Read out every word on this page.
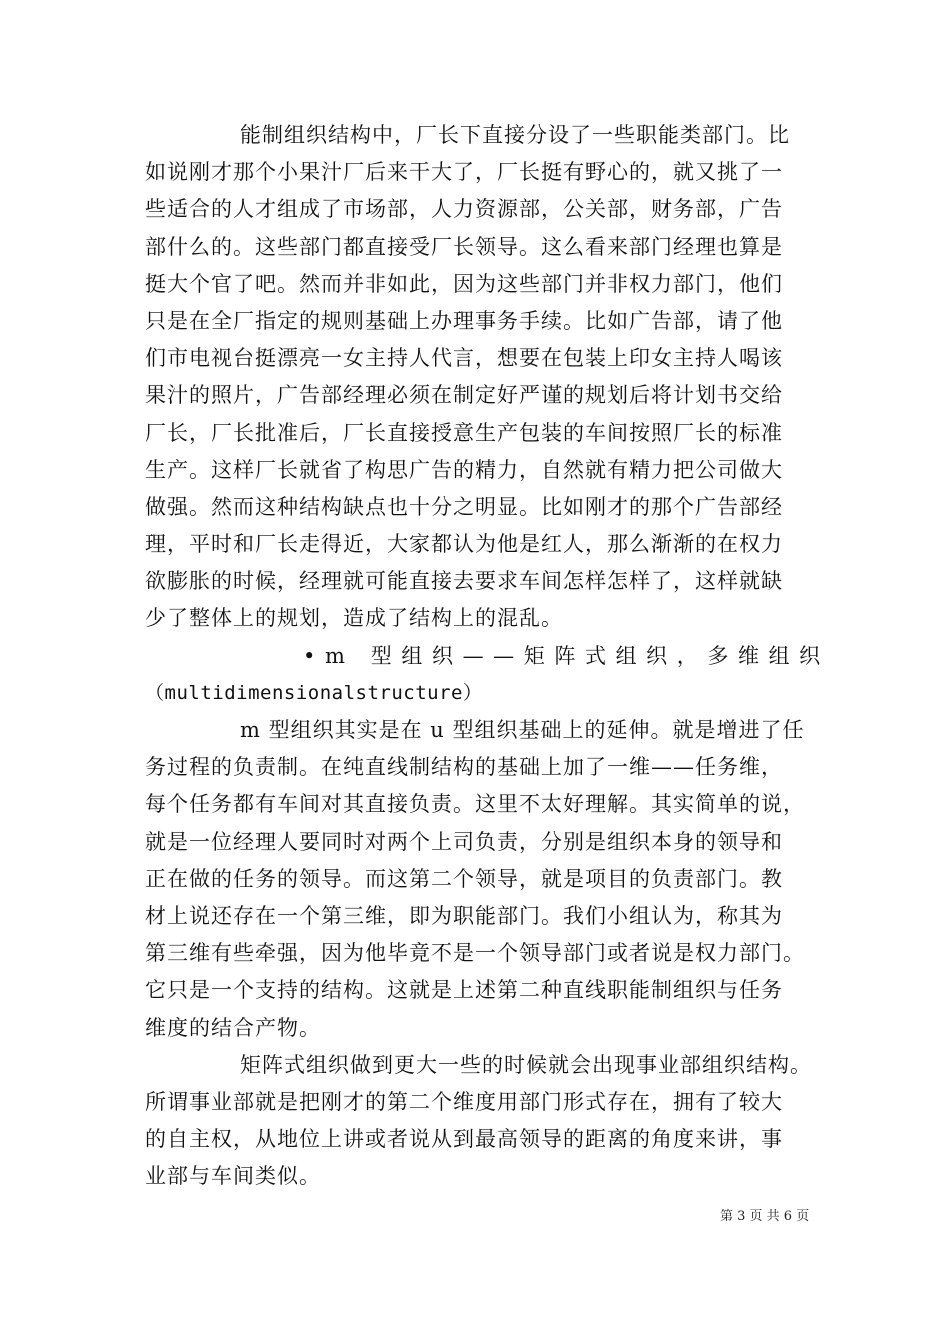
能制组织结构中，厂长下直接分设了一些职能类部门。比
如说刚才那个小果汁厂后来干大了，厂长挺有野心的，就又挑了一
些适合的人才组成了市场部，人力资源部，公关部，财务部，广告
部什么的。这些部门都直接受厂长领导。这么看来部门经理也算是
挺大个官了吧。然而并非如此，因为这些部门并非权力部门，他们
只是在全厂指定的规则基础上办理事务手续。比如广告部，请了他
们市电视台挺漂亮一女主持人代言，想要在包装上印女主持人喝该
果汁的照片，广告部经理必须在制定好严谨的规划后将计划书交给
厂长，厂长批准后，厂长直接授意生产包装的车间按照厂长的标准
生产。这样厂长就省了构思广告的精力，自然就有精力把公司做大
做强。然而这种结构缺点也十分之明显。比如刚才的那个广告部经
理，平时和厂长走得近，大家都认为他是红人，那么渐渐的在权力
欲膨胀的时候，经理就可能直接去要求车间怎样怎样了，这样就缺
少了整体上的规划，造成了结构上的混乱。
•m 型组织——矩阵式组织，多维组织
（multidimensionalstructure）
m 型组织其实是在 u 型组织基础上的延伸。就是增进了任
务过程的负责制。在纯直线制结构的基础上加了一维——任务维，
每个任务都有车间对其直接负责。这里不太好理解。其实简单的说，
就是一位经理人要同时对两个上司负责，分别是组织本身的领导和
正在做的任务的领导。而这第二个领导，就是项目的负责部门。教
材上说还存在一个第三维，即为职能部门。我们小组认为，称其为
第三维有些牵强，因为他毕竟不是一个领导部门或者说是权力部门。
它只是一个支持的结构。这就是上述第二种直线职能制组织与任务
维度的结合产物。
矩阵式组织做到更大一些的时候就会出现事业部组织结构。
所谓事业部就是把刚才的第二个维度用部门形式存在，拥有了较大
的自主权，从地位上讲或者说从到最高领导的距离的角度来讲，事
业部与车间类似。
第 3 页 共 6 页
